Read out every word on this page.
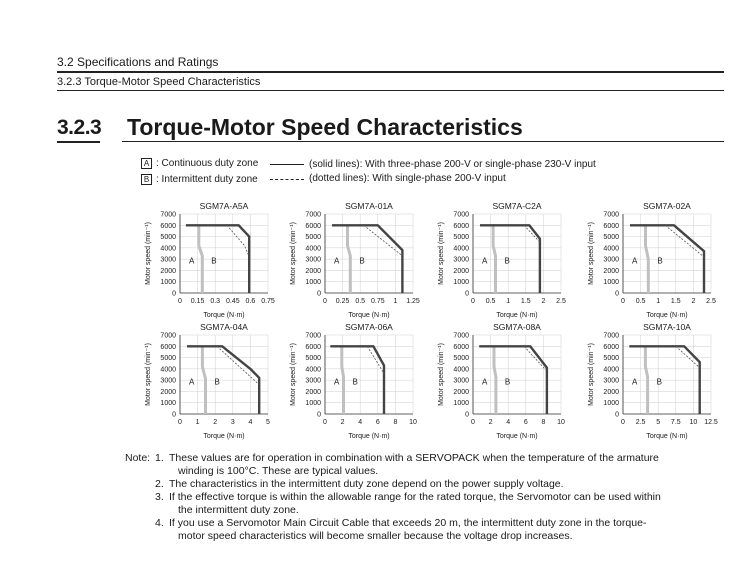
3.2 Specifications and Ratings
3.2.3 Torque-Motor Speed Characteristics
3.2.3 Torque-Motor Speed Characteristics
A : Continuous duty zone
B : Intermittent duty zone
(solid lines): With three-phase 200-V or single-phase 230-V input
(dotted lines): With single-phase 200-V input
SGM7A-A5A
0
1000
2000
3000
4000
5000
6000
7000
0 0.15 0.3 0.45 0.6 0.75
Torque (N·m)
Motor speed (min⁻¹)	A B
SGM7A-01A
0
1000
2000
3000
4000
5000
6000
7000
0 0.25 0.5 0.75 1 1.25
Torque (N·m)
Motor speed (min⁻¹)	A	B
SGM7A-C2A
0
1000
2000
3000
4000
5000
6000
7000
0 0.5 1 1.5 2 2.5
Torque (N·m)
Motor speed (min⁻¹)	A B
SGM7A-02A
0
1000
2000
3000
4000
5000
6000
7000
0 0.5 1 1.5 2 2.5
Torque (N·m)
Motor speed (min⁻¹)	A	B
SGM7A-04A
0
1000
2000
3000
4000
5000
6000
7000
0 1 2 3 4 5
Torque (N·m)
Motor speed (min⁻¹)	A	B
SGM7A-06A
0
1000
2000
3000
4000
5000
6000
7000
0 2 4 6 8 10
Torque (N·m)
Motor speed (min⁻¹)	A B
SGM7A-08A
0
1000
2000
3000
4000
5000
6000
7000
0 2 4 6 8 10
Torque (N·m)
Motor speed (min⁻¹)	A B
SGM7A-10A
0
1000
2000
3000
4000
5000
6000
7000
0 2.5 5 7.5 10 12.5
Torque (N·m)
Motor speed (min⁻¹)	A B
Note: 1. These values are for operation in combination with a SERVOPACK when the temperature of the armature
winding is 100°C. These are typical values.
2. The characteristics in the intermittent duty zone depend on the power supply voltage.
3. If the effective torque is within the allowable range for the rated torque, the Servomotor can be used within
the intermittent duty zone.
4. If you use a Servomotor Main Circuit Cable that exceeds 20 m, the intermittent duty zone in the torque-
motor speed characteristics will become smaller because the voltage drop increases.
